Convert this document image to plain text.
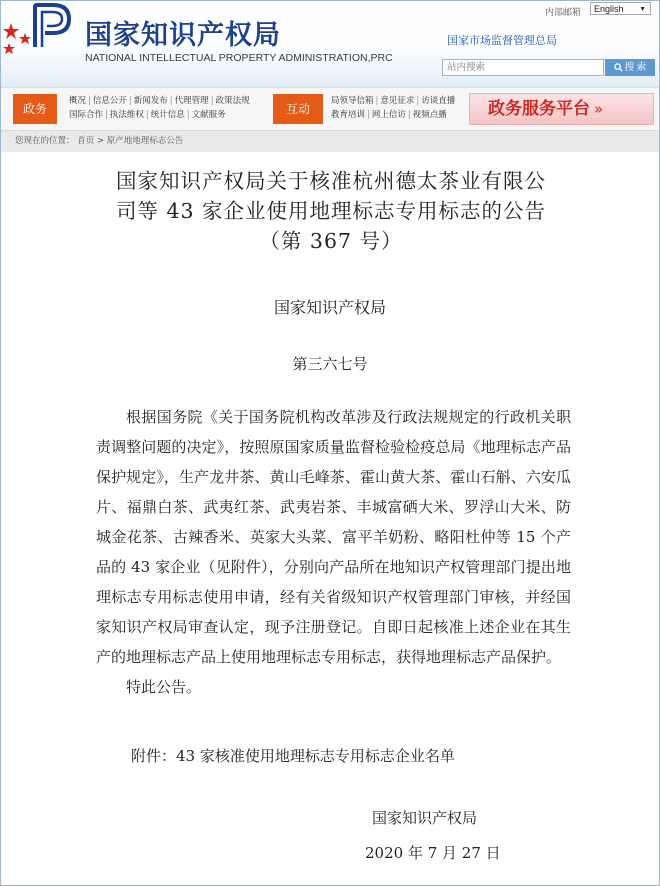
国家知识产权局
NATIONAL INTELLECTUAL PROPERTY ADMINISTRATION,PRC
内部邮箱	English ▼
国家市场监督管理总局
站内搜索
搜 索
政务
概况 | 信息公开 | 新闻发布 | 代理管理 | 政策法规
国际合作 | 执法维权 | 统计信息 | 文献服务	互动
局领导信箱 | 意见征求 | 访谈直播
教育培训 | 网上信访 | 视频点播	政务服务平台 »
您现在的位置： 首页 > 原产地地理标志公告
国家知识产权局关于核准杭州德太茶业有限公
司等 43 家企业使用地理标志专用标志的公告
（第 367 号）
国家知识产权局
第三六七号

根据国务院《关于国务院机构改革涉及行政法规规定的行政机关职责调整问题的决定》，按照原国家质量监督检验检疫总局《地理标志产品保护规定》，生产龙井茶、黄山毛峰茶、霍山黄大茶、霍山石斛、六安瓜片、福鼎白茶、武夷红茶、武夷岩茶、丰城富硒大米、罗浮山大米、防城金花茶、古辣香米、英家大头菜、富平羊奶粉、略阳杜仲等 15 个产品的 43 家企业（见附件），分别向产品所在地知识产权管理部门提出地理标志专用标志使用申请，经有关省级知识产权管理部门审核，并经国家知识产权局审查认定，现予注册登记。自即日起核准上述企业在其生产的地理标志产品上使用地理标志专用标志，获得地理标志产品保护。

特此公告。

附件：43 家核准使用地理标志专用标志企业名单
国家知识产权局
2020 年 7 月 27 日
